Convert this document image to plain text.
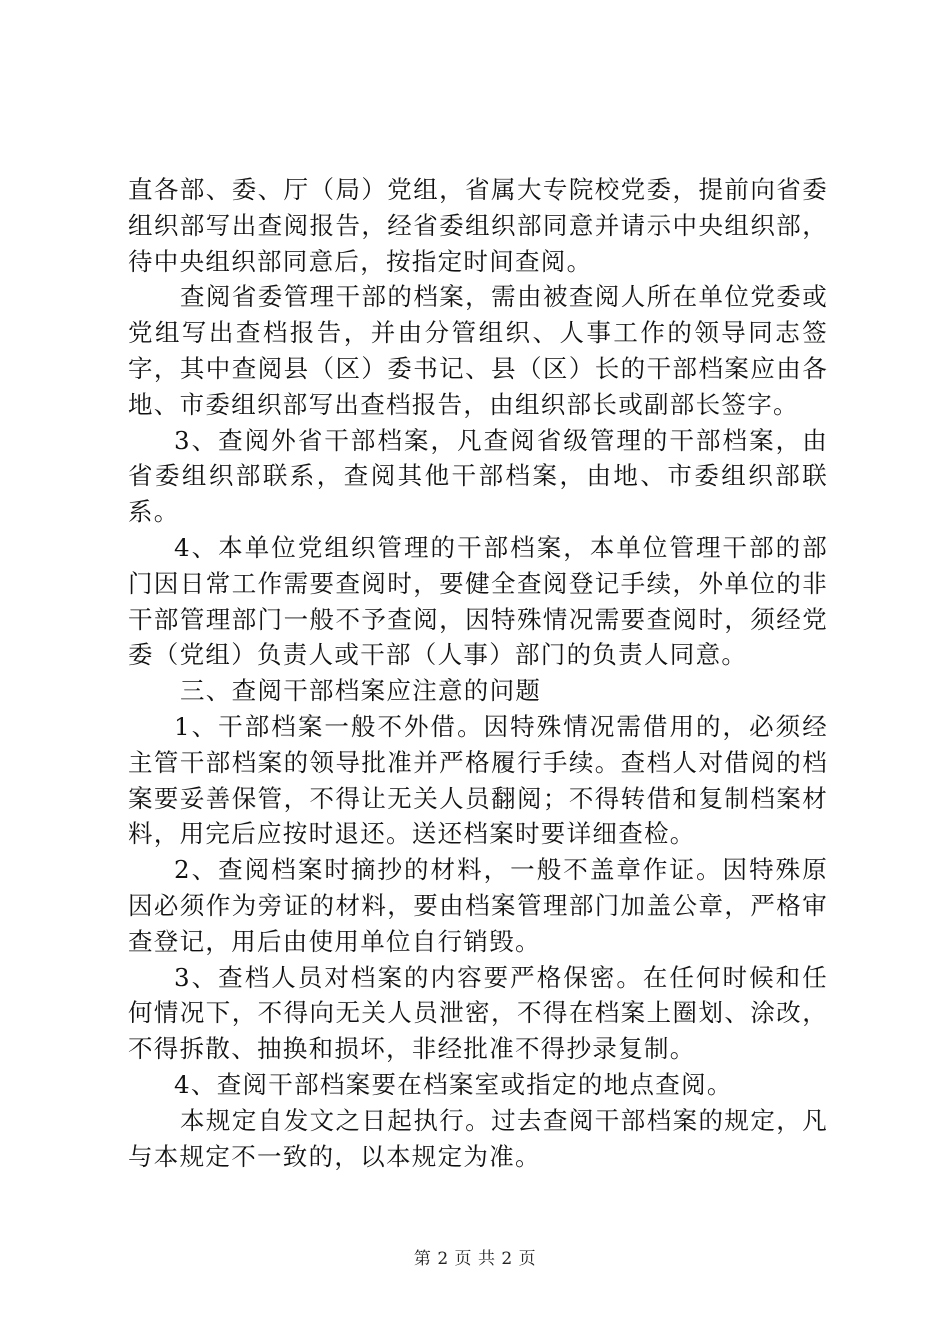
直各部、委、厅（局）党组，省属大专院校党委，提前向省委组织部写出查阅报告，经省委组织部同意并请示中央组织部，待中央组织部同意后，按指定时间查阅。

查阅省委管理干部的档案，需由被查阅人所在单位党委或党组写出查档报告，并由分管组织、人事工作的领导同志签字，其中查阅县（区）委书记、县（区）长的干部档案应由各地、市委组织部写出查档报告，由组织部长或副部长签字。

3、查阅外省干部档案，凡查阅省级管理的干部档案，由省委组织部联系，查阅其他干部档案，由地、市委组织部联系。

4、本单位党组织管理的干部档案，本单位管理干部的部门因日常工作需要查阅时，要健全查阅登记手续，外单位的非干部管理部门一般不予查阅，因特殊情况需要查阅时，须经党委（党组）负责人或干部（人事）部门的负责人同意。

三、查阅干部档案应注意的问题

1、干部档案一般不外借。因特殊情况需借用的，必须经主管干部档案的领导批准并严格履行手续。查档人对借阅的档案要妥善保管，不得让无关人员翻阅；不得转借和复制档案材料，用完后应按时退还。送还档案时要详细查检。

2、查阅档案时摘抄的材料，一般不盖章作证。因特殊原因必须作为旁证的材料，要由档案管理部门加盖公章，严格审查登记，用后由使用单位自行销毁。

3、查档人员对档案的内容要严格保密。在任何时候和任何情况下，不得向无关人员泄密，不得在档案上圈划、涂改，不得拆散、抽换和损坏，非经批准不得抄录复制。

4、查阅干部档案要在档案室或指定的地点查阅。

本规定自发文之日起执行。过去查阅干部档案的规定，凡与本规定不一致的，以本规定为准。

第 2 页 共 2 页
